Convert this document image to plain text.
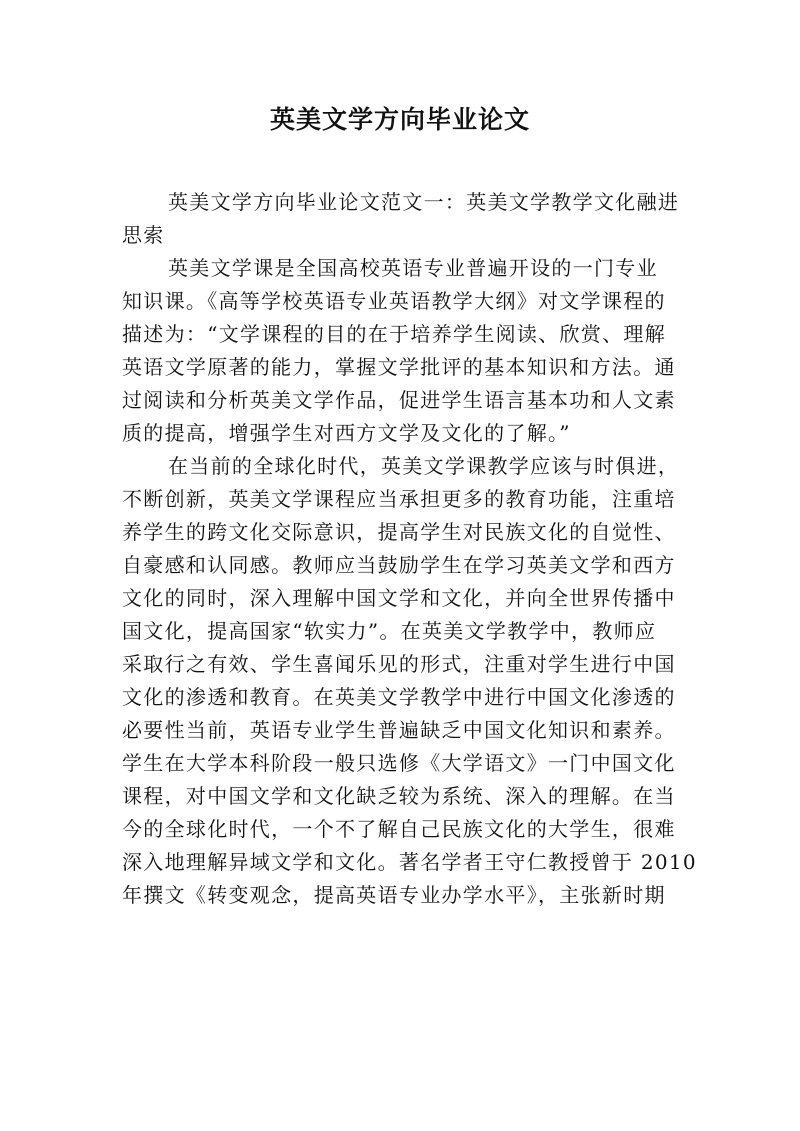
英美文学方向毕业论文
英美文学方向毕业论文范文一：英美文学教学文化融进
思索
英美文学课是全国高校英语专业普遍开设的一门专业
知识课。《高等学校英语专业英语教学大纲》对文学课程的
描述为：“文学课程的目的在于培养学生阅读、欣赏、理解
英语文学原著的能力，掌握文学批评的基本知识和方法。通
过阅读和分析英美文学作品，促进学生语言基本功和人文素
质的提高，增强学生对西方文学及文化的了解。”
在当前的全球化时代，英美文学课教学应该与时俱进，
不断创新，英美文学课程应当承担更多的教育功能，注重培
养学生的跨文化交际意识，提高学生对民族文化的自觉性、
自豪感和认同感。教师应当鼓励学生在学习英美文学和西方
文化的同时，深入理解中国文学和文化，并向全世界传播中
国文化，提高国家“软实力”。在英美文学教学中，教师应
采取行之有效、学生喜闻乐见的形式，注重对学生进行中国
文化的渗透和教育。在英美文学教学中进行中国文化渗透的
必要性当前，英语专业学生普遍缺乏中国文化知识和素养。
学生在大学本科阶段一般只选修《大学语文》一门中国文化
课程，对中国文学和文化缺乏较为系统、深入的理解。在当
今的全球化时代，一个不了解自己民族文化的大学生，很难
深入地理解异域文学和文化。著名学者王守仁教授曾于 2010
年撰文《转变观念，提高英语专业办学水平》，主张新时期
